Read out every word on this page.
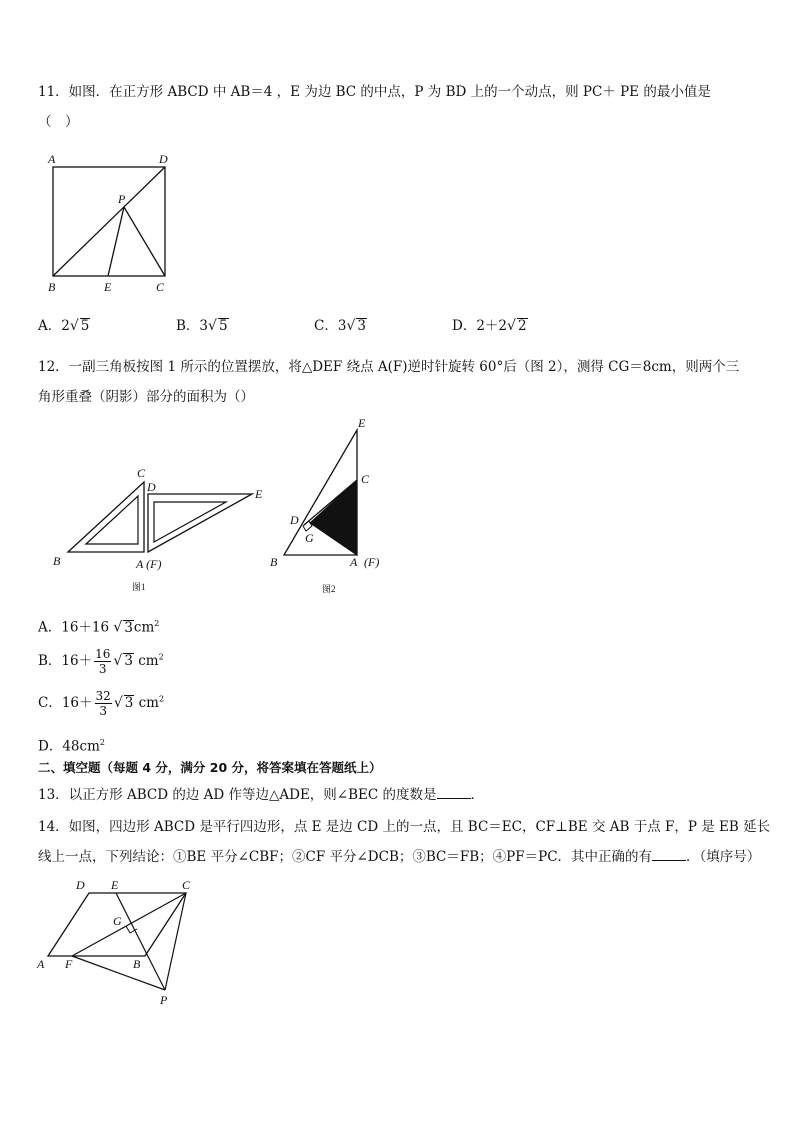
11．如图．在正方形 ABCD 中 AB＝4 ，E 为边 BC 的中点，P 为 BD 上的一个动点，则 PC＋ PE 的最小值是
（　）
A	D
P
B	E	C
A．2√ 5	B．3√ 5	C．3√ 3	D．2＋2√ 2
12．一副三角板按图 1 所示的位置摆放，将△DEF 绕点 A(F)逆时针旋转 60°后（图 2），测得 CG＝8cm，则两个三
角形重叠（阴影）部分的面积为（）
C
D	E
B	A (F)
图1
E
C
D
G
B	A (F)
图2
A．16＋16 √ $3cm^2$
B．$16+ \frac{16}{3}$ √ 3 $cm^2$
C．$16+ \frac{32}{3}$ √ 3 $cm^2$
D．$48cm^2$
二、填空题（每题 4 分，满分 20 分，将答案填在答题纸上）
13．以正方形 ABCD 的边 AD 作等边△ADE，则∠BEC 的度数是	．
14．如图，四边形 ABCD 是平行四边形，点 E 是边 CD 上的一点，且 BC＝EC，CF⊥BE 交 AB 于点 F，P 是 EB 延长
线上一点，下列结论：①BE 平分∠CBF；②CF 平分∠DCB；③BC＝FB；④PF＝PC．其中正确的有	．（填序号）
D E	C
G
A F	B
P
